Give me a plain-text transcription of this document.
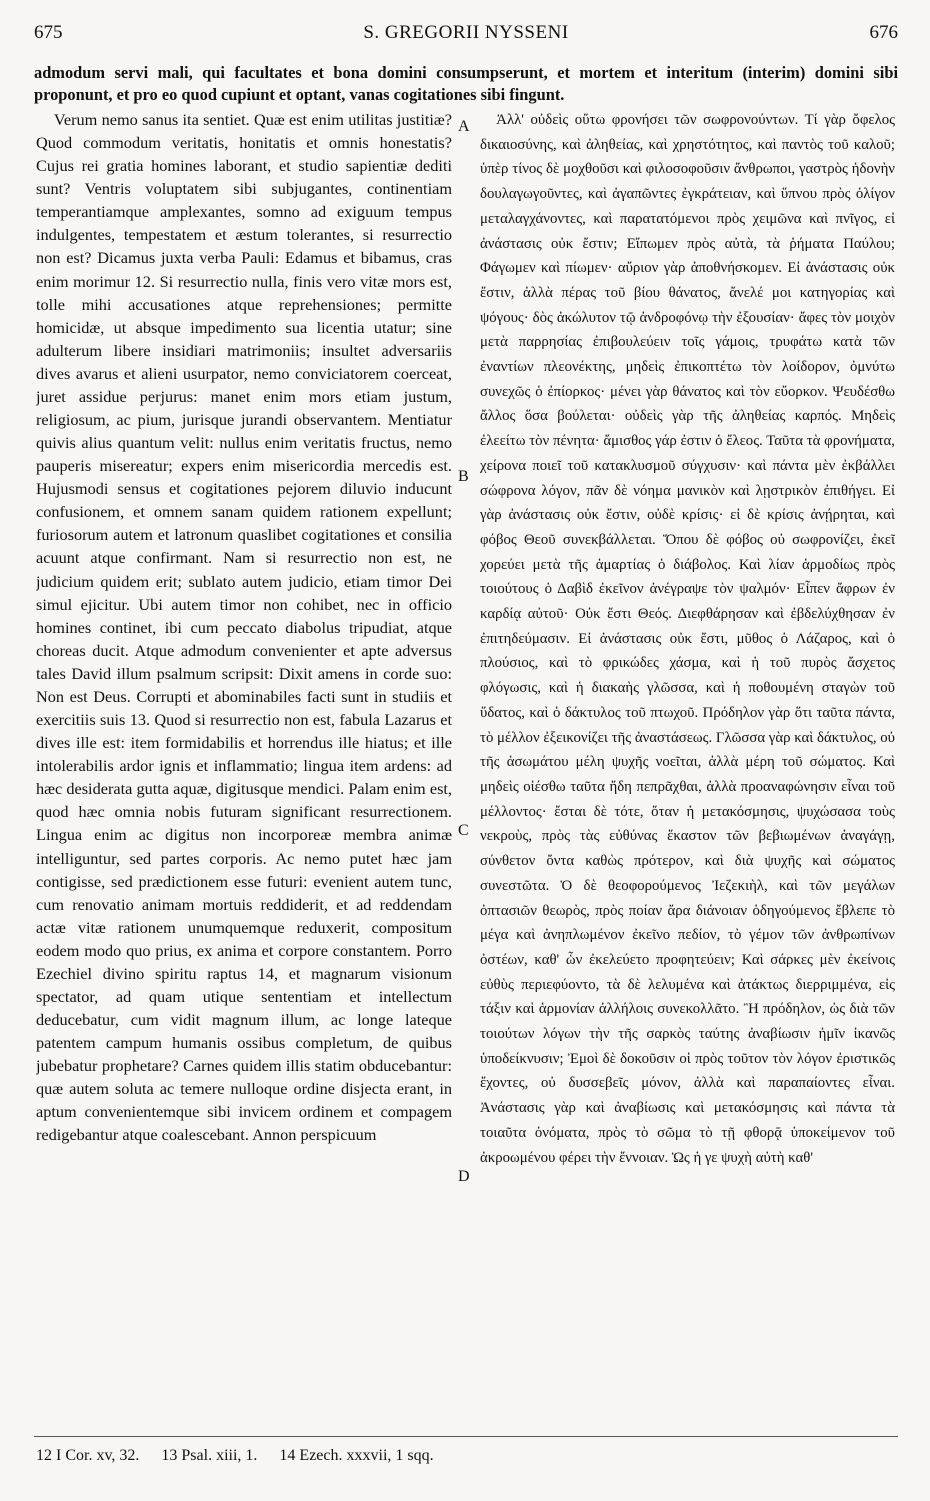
675	S. GREGORII NYSSENI	676
admodum servi mali, qui facultates et bona domini consumpserunt, et mortem et interitum (interim) domini sibi proponunt, et pro eo quod cupiunt et optant, vanas cogitationes sibi fingunt.

Verum nemo sanus ita sentiet. Quæ est enim utilitas justitiæ? Quod commodum veritatis, honitatis et omnis honestatis? Cujus rei gratia homines laborant, et studio sapientiæ dediti sunt? Ventris voluptatem sibi subjugantes, continentiam temperantiamque amplexantes, somno ad exiguum tempus indulgentes, tempestatem et æstum tolerantes, si resurrectio non est? Dicamus juxta verba Pauli: Edamus et bibamus, cras enim morimur 12. Si resurrectio nulla, finis vero vitæ mors est, tolle mihi accusationes atque reprehensiones; permitte homicidæ, ut absque impedimento sua licentia utatur; sine adulterum libere insidiari matrimoniis; insultet adversariis dives avarus et alieni usurpator, nemo conviciatorem coerceat, juret assidue perjurus: manet enim mors etiam justum, religiosum, ac pium, jurisque jurandi observantem. Mentiatur quivis alius quantum velit: nullus enim veritatis fructus, nemo pauperis misereatur; expers enim misericordia mercedis est. Hujusmodi sensus et cogitationes pejorem diluvio inducunt confusionem, et omnem sanam quidem rationem expellunt; furiosorum autem et latronum quaslibet cogitationes et consilia acuunt atque confirmant. Nam si resurrectio non est, ne judicium quidem erit; sublato autem judicio, etiam timor Dei simul ejicitur. Ubi autem timor non cohibet, nec in officio homines continet, ibi cum peccato diabolus tripudiat, atque choreas ducit. Atque admodum convenienter et apte adversus tales David illum psalmum scripsit: Dixit amens in corde suo: Non est Deus. Corrupti et abominabiles facti sunt in studiis et exercitiis suis 13. Quod si resurrectio non est, fabula Lazarus et dives ille est: item formidabilis et horrendus ille hiatus; et ille intolerabilis ardor ignis et inflammatio; lingua item ardens: ad hæc desiderata gutta aquæ, digitusque mendici. Palam enim est, quod hæc omnia nobis futuram significant resurrectionem. Lingua enim ac digitus non incorporeæ membra animæ intelliguntur, sed partes corporis. Ac nemo putet hæc jam contigisse, sed prædictionem esse futuri: evenient autem tunc, cum renovatio animam mortuis reddiderit, et ad reddendam actæ vitæ rationem unumquemque reduxerit, compositum eodem modo quo prius, ex anima et corpore constantem. Porro Ezechiel divino spiritu raptus 14, et magnarum visionum spectator, ad quam utique sententiam et intellectum deducebatur, cum vidit magnum illum, ac longe lateque patentem campum humanis ossibus completum, de quibus jubebatur prophetare? Carnes quidem illis statim obducebantur: quæ autem soluta ac temere nulloque ordine disjecta erant, in aptum convenientemque sibi invicem ordinem et compagem redigebantur atque coalescebant. Annon perspicuum

A
B
C
D

Ἀλλ' οὐδεὶς οὕτω φρονήσει τῶν σωφρονούντων. Τί γὰρ ὄφελος δικαιοσύνης, καὶ ἀληθείας, καὶ χρηστότητος, καὶ παντὸς τοῦ καλοῦ; ὑπὲρ τίνος δὲ μοχθοῦσι καὶ φιλοσοφοῦσιν ἄνθρωποι, γαστρὸς ἡδονὴν δουλαγωγοῦντες, καὶ ἀγαπῶντες ἐγκράτειαν, καὶ ὕπνου πρὸς ὀλίγον μεταλαγχάνοντες, καὶ παρατατόμενοι πρὸς χειμῶνα καὶ πνῖγος, εἰ ἀνάστασις οὐκ ἔστιν; Εἴπωμεν πρὸς αὐτὰ, τὰ ῥήματα Παύλου; Φάγωμεν καὶ πίωμεν· αὔριον γὰρ ἀποθνήσκομεν. Εἰ ἀνάστασις οὐκ ἔστιν, ἀλλὰ πέρας τοῦ βίου θάνατος, ἄνελέ μοι κατηγορίας καὶ ψόγους· δὸς ἀκώλυτον τῷ ἀνδροφόνῳ τὴν ἐξουσίαν· ἄφες τὸν μοιχὸν μετὰ παρρησίας ἐπιβουλεύειν τοῖς γάμοις, τρυφάτω κατὰ τῶν ἐναντίων πλεονέκτης, μηδεὶς ἐπικοπτέτω τὸν λοίδορον, ὀμνύτω συνεχῶς ὁ ἐπίορκος· μένει γὰρ θάνατος καὶ τὸν εὔορκον. Ψευδέσθω ἄλλος ὅσα βούλεται· οὐδεὶς γὰρ τῆς ἀληθείας καρπός. Μηδεὶς ἐλεείτω τὸν πένητα· ἄμισθος γάρ ἐστιν ὁ ἔλεος. Ταῦτα τὰ φρονήματα, χείρονα ποιεῖ τοῦ κατακλυσμοῦ σύγχυσιν· καὶ πάντα μὲν ἐκβάλλει σώφρονα λόγον, πᾶν δὲ νόημα μανικὸν καὶ λῃστρικὸν ἐπιθήγει. Εἰ γὰρ ἀνάστασις οὐκ ἔστιν, οὐδὲ κρίσις· εἰ δὲ κρίσις ἀνῄρηται, καὶ φόβος Θεοῦ συνεκβάλλεται. Ὅπου δὲ φόβος οὐ σωφρονίζει, ἐκεῖ χορεύει μετὰ τῆς ἁμαρτίας ὁ διάβολος. Καὶ λίαν ἁρμοδίως πρὸς τοιούτους ὁ Δαβὶδ ἐκεῖνον ἀνέγραψε τὸν ψαλμόν· Εἶπεν ἄφρων ἐν καρδίᾳ αὐτοῦ· Οὐκ ἔστι Θεός. Διεφθάρησαν καὶ ἐβδελύχθησαν ἐν ἐπιτηδεύμασιν. Εἰ ἀνάστασις οὐκ ἔστι, μῦθος ὁ Λάζαρος, καὶ ὁ πλούσιος, καὶ τὸ φρικώδες χάσμα, καὶ ἡ τοῦ πυρὸς ἄσχετος φλόγωσις, καὶ ἡ διακαὴς γλῶσσα, καὶ ἡ ποθουμένη σταγὼν τοῦ ὕδατος, καὶ ὁ δάκτυλος τοῦ πτωχοῦ. Πρόδηλον γὰρ ὅτι ταῦτα πάντα, τὸ μέλλον ἐξεικονίζει τῆς ἀναστάσεως. Γλῶσσα γὰρ καὶ δάκτυλος, οὐ τῆς ἀσωμάτου μέλη ψυχῆς νοεῖται, ἀλλὰ μέρη τοῦ σώματος. Καὶ μηδεὶς οἰέσθω ταῦτα ἤδη πεπρᾶχθαι, ἀλλὰ προαναφώνησιν εἶναι τοῦ μέλλοντος· ἔσται δὲ τότε, ὅταν ἡ μετακόσμησις, ψυχώσασα τοὺς νεκροὺς, πρὸς τὰς εὐθύνας ἕκαστον τῶν βεβιωμένων ἀναγάγῃ, σύνθετον ὄντα καθὼς πρότερον, καὶ διὰ ψυχῆς καὶ σώματος συνεστῶτα. Ὁ δὲ θεοφορούμενος Ἰεζεκιὴλ, καὶ τῶν μεγάλων ὀπτασιῶν θεωρὸς, πρὸς ποίαν ἄρα διάνοιαν ὁδηγούμενος ἔβλεπε τὸ μέγα καὶ ἀνηπλωμένον ἐκεῖνο πεδίον, τὸ γέμον τῶν ἀνθρωπίνων ὀστέων, καθ' ὧν ἐκελεύετο προφητεύειν; Καὶ σάρκες μὲν ἐκείνοις εὐθὺς περιεφύοντο, τὰ δὲ λελυμένα καὶ ἀτάκτως διερριμμένα, εἰς τάξιν καὶ ἁρμονίαν ἀλλήλοις συνεκολλᾶτο. Ἢ πρόδηλον, ὡς διὰ τῶν τοιούτων λόγων τὴν τῆς σαρκὸς ταύτης ἀναβίωσιν ἡμῖν ἱκανῶς ὑποδείκνυσιν; Ἐμοὶ δὲ δοκοῦσιν οἱ πρὸς τοῦτον τὸν λόγον ἐριστικῶς ἔχοντες, οὐ δυσσεβεῖς μόνον, ἀλλὰ καὶ παραπαίοντες εἶναι. Ἀνάστασις γὰρ καὶ ἀναβίωσις καὶ μετακόσμησις καὶ πάντα τὰ τοιαῦτα ὀνόματα, πρὸς τὸ σῶμα τὸ τῇ φθορᾷ ὑποκείμενον τοῦ ἀκροωμένου φέρει τὴν ἔννοιαν. Ὡς ἡ γε ψυχὴ αὐτὴ καθ'

12 I Cor. xv, 32. 13 Psal. xiii, 1. 14 Ezech. xxxvii, 1 sqq.
